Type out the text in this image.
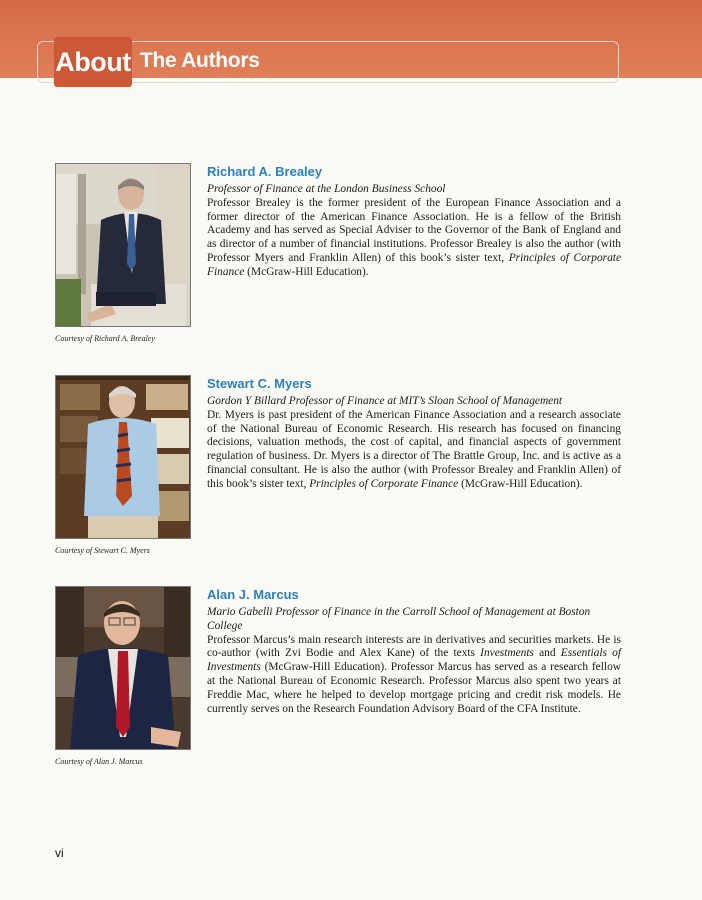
About The Authors
Courtesy of Richard A. Brealey
Richard A. Brealey
Professor of Finance at the London Business School
Professor Brealey is the former president of the European Finance Association and a former director of the American Finance Association. He is a fellow of the British Academy and has served as Special Adviser to the Governor of the Bank of England and as director of a number of financial institutions. Professor Brealey is also the author (with Professor Myers and Franklin Allen) of this book’s sister text, Principles of Corporate Finance (McGraw-Hill Education).
Courtesy of Stewart C. Myers
Stewart C. Myers
Gordon Y Billard Professor of Finance at MIT’s Sloan School of Management
Dr. Myers is past president of the American Finance Association and a research associate of the National Bureau of Economic Research. His research has focused on financing decisions, valuation methods, the cost of capital, and financial aspects of government regulation of business. Dr. Myers is a director of The Brattle Group, Inc. and is active as a financial consultant. He is also the author (with Professor Brealey and Franklin Allen) of this book’s sister text, Principles of Corporate Finance (McGraw-Hill Education).
Courtesy of Alan J. Marcus
Alan J. Marcus
Mario Gabelli Professor of Finance in the Carroll School of Management at Boston College
Professor Marcus’s main research interests are in derivatives and securities markets. He is co-author (with Zvi Bodie and Alex Kane) of the texts Investments and Essentials of Investments (McGraw-Hill Education). Professor Marcus has served as a research fellow at the National Bureau of Economic Research. Professor Marcus also spent two years at Freddie Mac, where he helped to develop mortgage pricing and credit risk models. He currently serves on the Research Foundation Advisory Board of the CFA Institute.
vi
